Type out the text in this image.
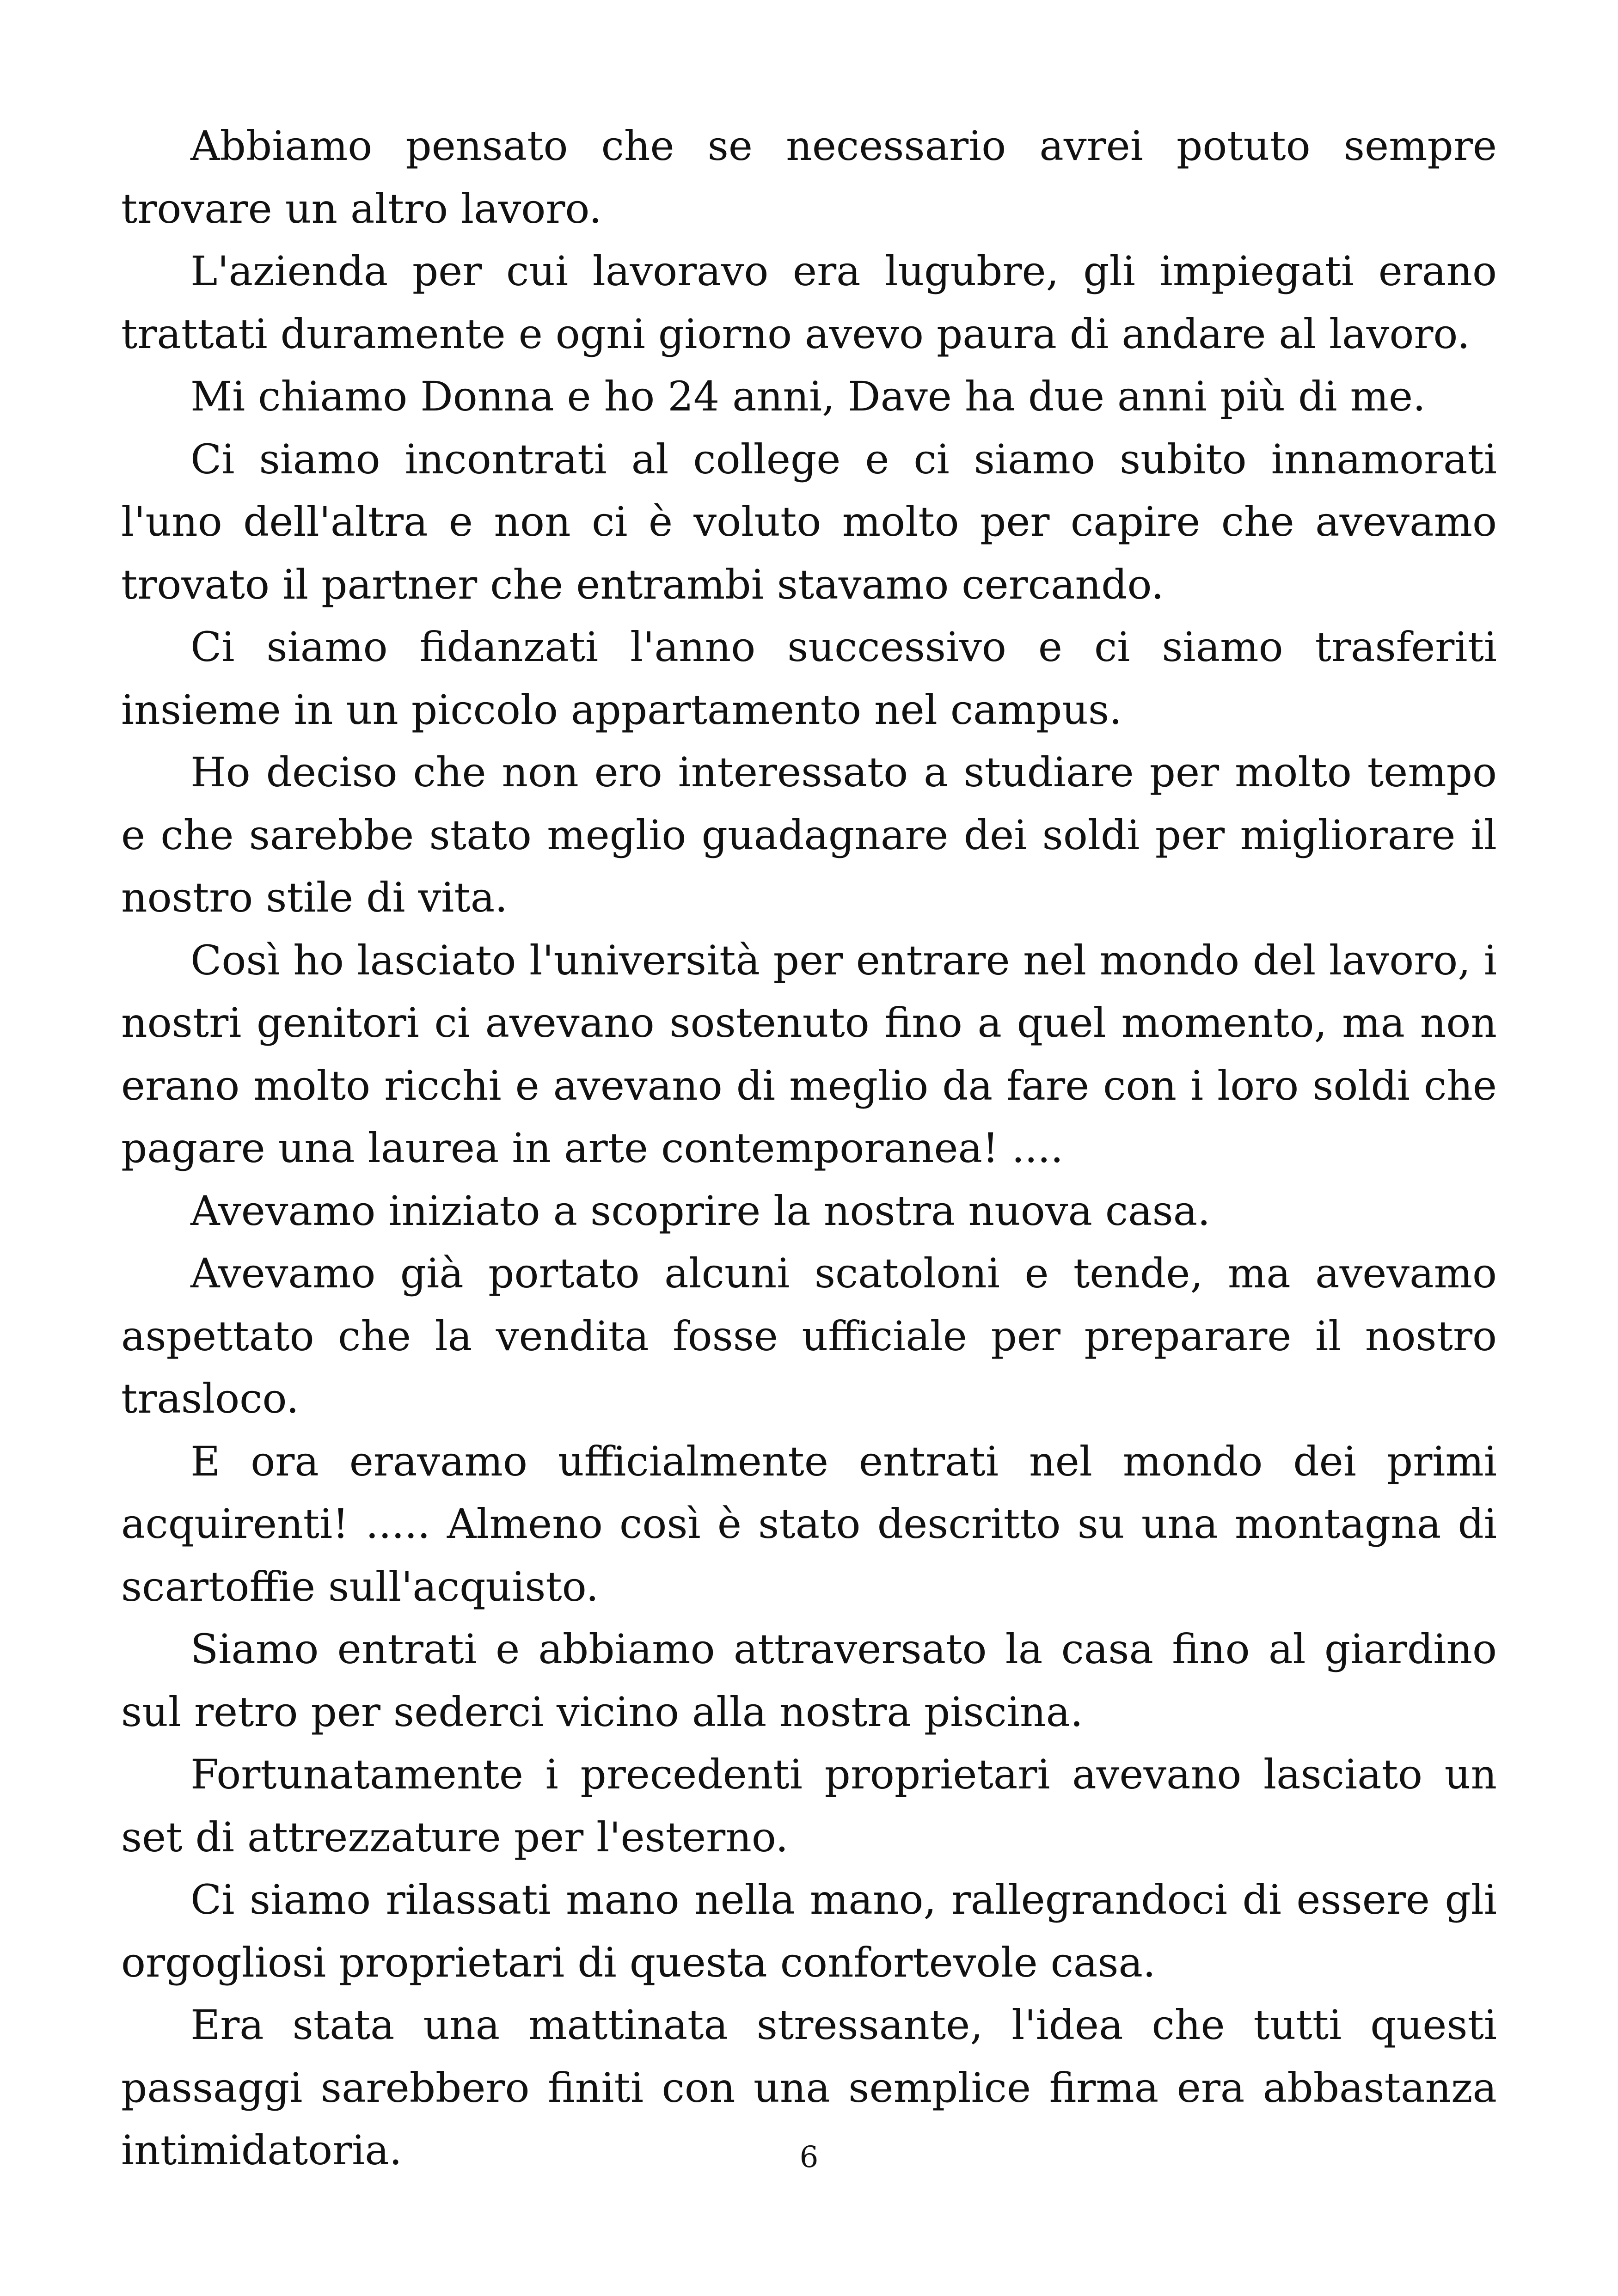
Abbiamo pensato che se necessario avrei potuto sempre trovare un altro lavoro.

L'azienda per cui lavoravo era lugubre, gli impiegati erano trattati duramente e ogni giorno avevo paura di andare al lavoro.

Mi chiamo Donna e ho 24 anni, Dave ha due anni più di me.

Ci siamo incontrati al college e ci siamo subito innamorati l'uno dell'altra e non ci è voluto molto per capire che avevamo trovato il partner che entrambi stavamo cercando.

Ci siamo fidanzati l'anno successivo e ci siamo trasferiti insieme in un piccolo appartamento nel campus.

Ho deciso che non ero interessato a studiare per molto tempo e che sarebbe stato meglio guadagnare dei soldi per migliorare il nostro stile di vita.

Così ho lasciato l'università per entrare nel mondo del lavoro, i nostri genitori ci avevano sostenuto fino a quel momento, ma non erano molto ricchi e avevano di meglio da fare con i loro soldi che pagare una laurea in arte contemporanea! ....

Avevamo iniziato a scoprire la nostra nuova casa.

Avevamo già portato alcuni scatoloni e tende, ma avevamo aspettato che la vendita fosse ufficiale per preparare il nostro trasloco.

E ora eravamo ufficialmente entrati nel mondo dei primi acquirenti! ..... Almeno così è stato descritto su una montagna di scartoffie sull'acquisto.

Siamo entrati e abbiamo attraversato la casa fino al giardino sul retro per sederci vicino alla nostra piscina.

Fortunatamente i precedenti proprietari avevano lasciato un set di attrezzature per l'esterno.

Ci siamo rilassati mano nella mano, rallegrandoci di essere gli orgogliosi proprietari di questa confortevole casa.

Era stata una mattinata stressante, l'idea che tutti questi passaggi sarebbero finiti con una semplice firma era abbastanza intimidatoria.	6
